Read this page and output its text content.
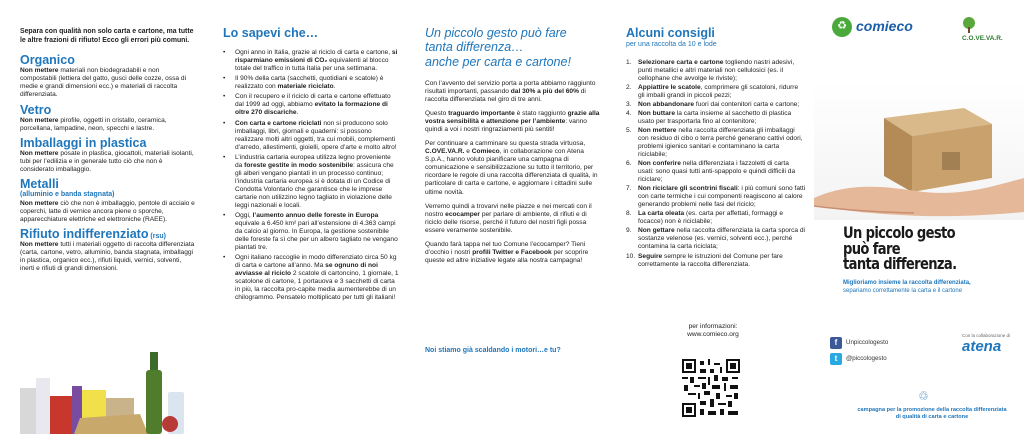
Separa con qualità non solo carta e cartone, ma tutte le altre frazioni di rifiuto! Ecco gli errori più comuni.
Organico

Non mettere materiali non biodegradabili e non compostabili (lettiera del gatto, gusci delle cozze, ossa di medie e grandi dimensioni ecc.) e materiali di raccolta differenziata.

Vetro

Non mettere pirofile, oggetti in cristallo, ceramica, porcellana, lampadine, neon, specchi e lastre.

Imballaggi in plastica

Non mettere posate in plastica, giocattoli, materiali isolanti, tubi per l’edilizia e in generale tutto ciò che non è considerato imballaggio.

Metalli
(alluminio e banda stagnata)

Non mettere ciò che non è imballaggio, pentole di acciaio e coperchi, latte di vernice ancora piene o sporche, apparecchiature elettriche ed elettroniche (RAEE).

Rifiuto indifferenziato (rsu)

Non mettere tutti i materiali oggetto di raccolta differenziata (carta, cartone, vetro, alluminio, banda stagnata, imballaggi in plastica, organico ecc.), rifiuti liquidi, vernici, solventi, inerti e rifiuti di grandi dimensioni.

Lo sapevi che…
• Ogni anno in Italia, grazie al riciclo di carta e cartone, si risparmiano emissioni di CO₂ equivalenti al blocco totale del traffico in tutta Italia per una settimana.
• Il 90% della carta (sacchetti, quotidiani e scatole) è realizzato con materiale riciclato.
• Con il recupero e il riciclo di carta e cartone effettuato dal 1999 ad oggi, abbiamo evitato la formazione di oltre 270 discariche.
• Con carta e cartone riciclati non si producono solo imballaggi, libri, giornali e quaderni: si possono realizzare molti altri oggetti, tra cui mobili, complementi d’arredo, allestimenti, gioielli, opere d’arte e molto altro!
• L’industria cartaria europea utilizza legno proveniente da foreste gestite in modo sostenibile: assicura che gli alberi vengano piantati in un processo continuo; l’industria cartaria europea si è dotata di un Codice di Condotta Volontario che garantisce che le imprese cartarie non utilizzino legno tagliato in violazione delle leggi nazionali e locali.
• Oggi, l’aumento annuo delle foreste in Europa equivale a 6.450 km² pari all’estensione di 4.363 campi da calcio al giorno. In Europa, la gestione sostenibile delle foreste fa sì che per un albero tagliato ne vengano piantati tre.
• Ogni italiano raccoglie in modo differenziato circa 50 kg di carta e cartone all’anno. Ma se ognuno di noi avviasse al riciclo 2 scatole di cartoncino, 1 giornale, 1 scatolone di cartone, 1 portauova e 3 sacchetti di carta in più, la raccolta pro-capite media aumenterebbe di un chilogrammo. Pensatelo moltiplicato per tutti gli italiani!
Un piccolo gesto può fare
tanta differenza…
anche per carta e cartone!

Con l’avvento del servizio porta a porta abbiamo raggiunto risultati importanti, passando dal 30% a più del 60% di raccolta differenziata nel giro di tre anni.

Questo traguardo importante è stato raggiunto grazie alla vostra sensibilità e attenzione per l’ambiente: vanno quindi a voi i nostri ringraziamenti più sentiti!

Per continuare a camminare su questa strada virtuosa, C.OVE.VA.R. e Comieco, in collaborazione con Atena S.p.A., hanno voluto pianificare una campagna di comunicazione e sensibilizzazione su tutto il territorio, per ricordare le regole di una raccolta differenziata di qualità, in particolare di carta e cartone, e aggiornare i cittadini sulle ultime novità.

Verremo quindi a trovarvi nelle piazze e nei mercati con il nostro ecocamper per parlare di ambiente, di rifiuti e di riciclo delle risorse, perché il futuro del nostri figli possa essere veramente sostenibile.

Quando farà tappa nel tuo Comune l’ecocamper? Tieni d’occhio i nostri profili Twitter e Facebook per scoprire queste ed altre iniziative legate alla nostra campagna!

Noi stiamo già scaldando i motori…e tu?
Alcuni consigli
per una raccolta da 10 e lode
1. Selezionare carta e cartone togliendo nastri adesivi, punti metallici e altri materiali non cellulosici (es. il cellophane che avvolge le riviste);
2. Appiattire le scatole, comprimere gli scatoloni, ridurre gli imballi grandi in piccoli pezzi;
3. Non abbandonare fuori dai contenitori carta e cartone;
4. Non buttare la carta insieme al sacchetto di plastica usato per trasportarla fino al contenitore;
5. Non mettere nella raccolta differenziata gli imballaggi con residuo di cibo o terra perché generano cattivi odori, problemi igienico sanitari e contaminano la carta riciclabile;
6. Non conferire nella differenziata i fazzoletti di carta usati: sono quasi tutti anti-spappolo e quindi difficili da riciclare;
7. Non riciclare gli scontrini fiscali: i più comuni sono fatti con carte termiche i cui componenti reagiscono al calore generando problemi nelle fasi del riciclo;
8. La carta oleata (es. carta per affettati, formaggi e focacce) non è riciclabile;
9. Non gettare nella raccolta differenziata la carta sporca di sostanze velenose (es. vernici, solventi ecc.), perché contamina la carta riciclata;
10. Seguire sempre le istruzioni del Comune per fare correttamente la raccolta differenziata.
per informazioni:
www.comieco.org
♻ comieco
C.O.VE.VA.R.
Un piccolo gesto
può fare
tanta differenza.
Miglioriamo insieme la raccolta differenziata,
separiamo correttamente la carta e il cartone
f	Unpiccologesto
t	@piccologesto
Con la collaborazione di
atena
♲
campagna per la promozione della raccolta differenziata
di qualità di carta e cartone
